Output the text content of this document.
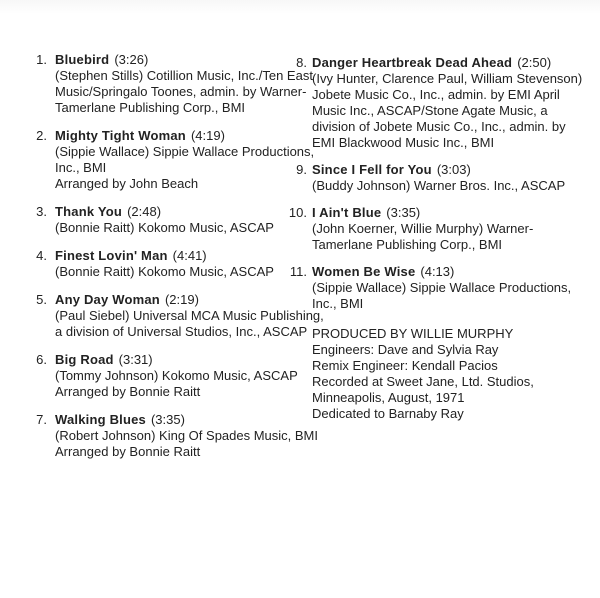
1. Bluebird (3:26)
(Stephen Stills) Cotillion Music, Inc./Ten East
Music/Springalo Toones, admin. by Warner-
Tamerlane Publishing Corp., BMI
2. Mighty Tight Woman (4:19)
(Sippie Wallace) Sippie Wallace Productions,
Inc., BMI
Arranged by John Beach
3. Thank You (2:48)
(Bonnie Raitt) Kokomo Music, ASCAP
4. Finest Lovin' Man (4:41)
(Bonnie Raitt) Kokomo Music, ASCAP
5. Any Day Woman (2:19)
(Paul Siebel) Universal MCA Music Publishing,
a division of Universal Studios, Inc., ASCAP
6. Big Road (3:31)
(Tommy Johnson) Kokomo Music, ASCAP
Arranged by Bonnie Raitt
7. Walking Blues (3:35)
(Robert Johnson) King Of Spades Music, BMI
Arranged by Bonnie Raitt
8. Danger Heartbreak Dead Ahead (2:50)
(Ivy Hunter, Clarence Paul, William Stevenson)
Jobete Music Co., Inc., admin. by EMI April
Music Inc., ASCAP/Stone Agate Music, a
division of Jobete Music Co., Inc., admin. by
EMI Blackwood Music Inc., BMI
9. Since I Fell for You (3:03)
(Buddy Johnson) Warner Bros. Inc., ASCAP
10. I Ain't Blue (3:35)
(John Koerner, Willie Murphy) Warner-
Tamerlane Publishing Corp., BMI
11. Women Be Wise (4:13)
(Sippie Wallace) Sippie Wallace Productions,
Inc., BMI
PRODUCED BY WILLIE MURPHY
Engineers: Dave and Sylvia Ray
Remix Engineer: Kendall Pacios
Recorded at Sweet Jane, Ltd. Studios,
Minneapolis, August, 1971
Dedicated to Barnaby Ray
